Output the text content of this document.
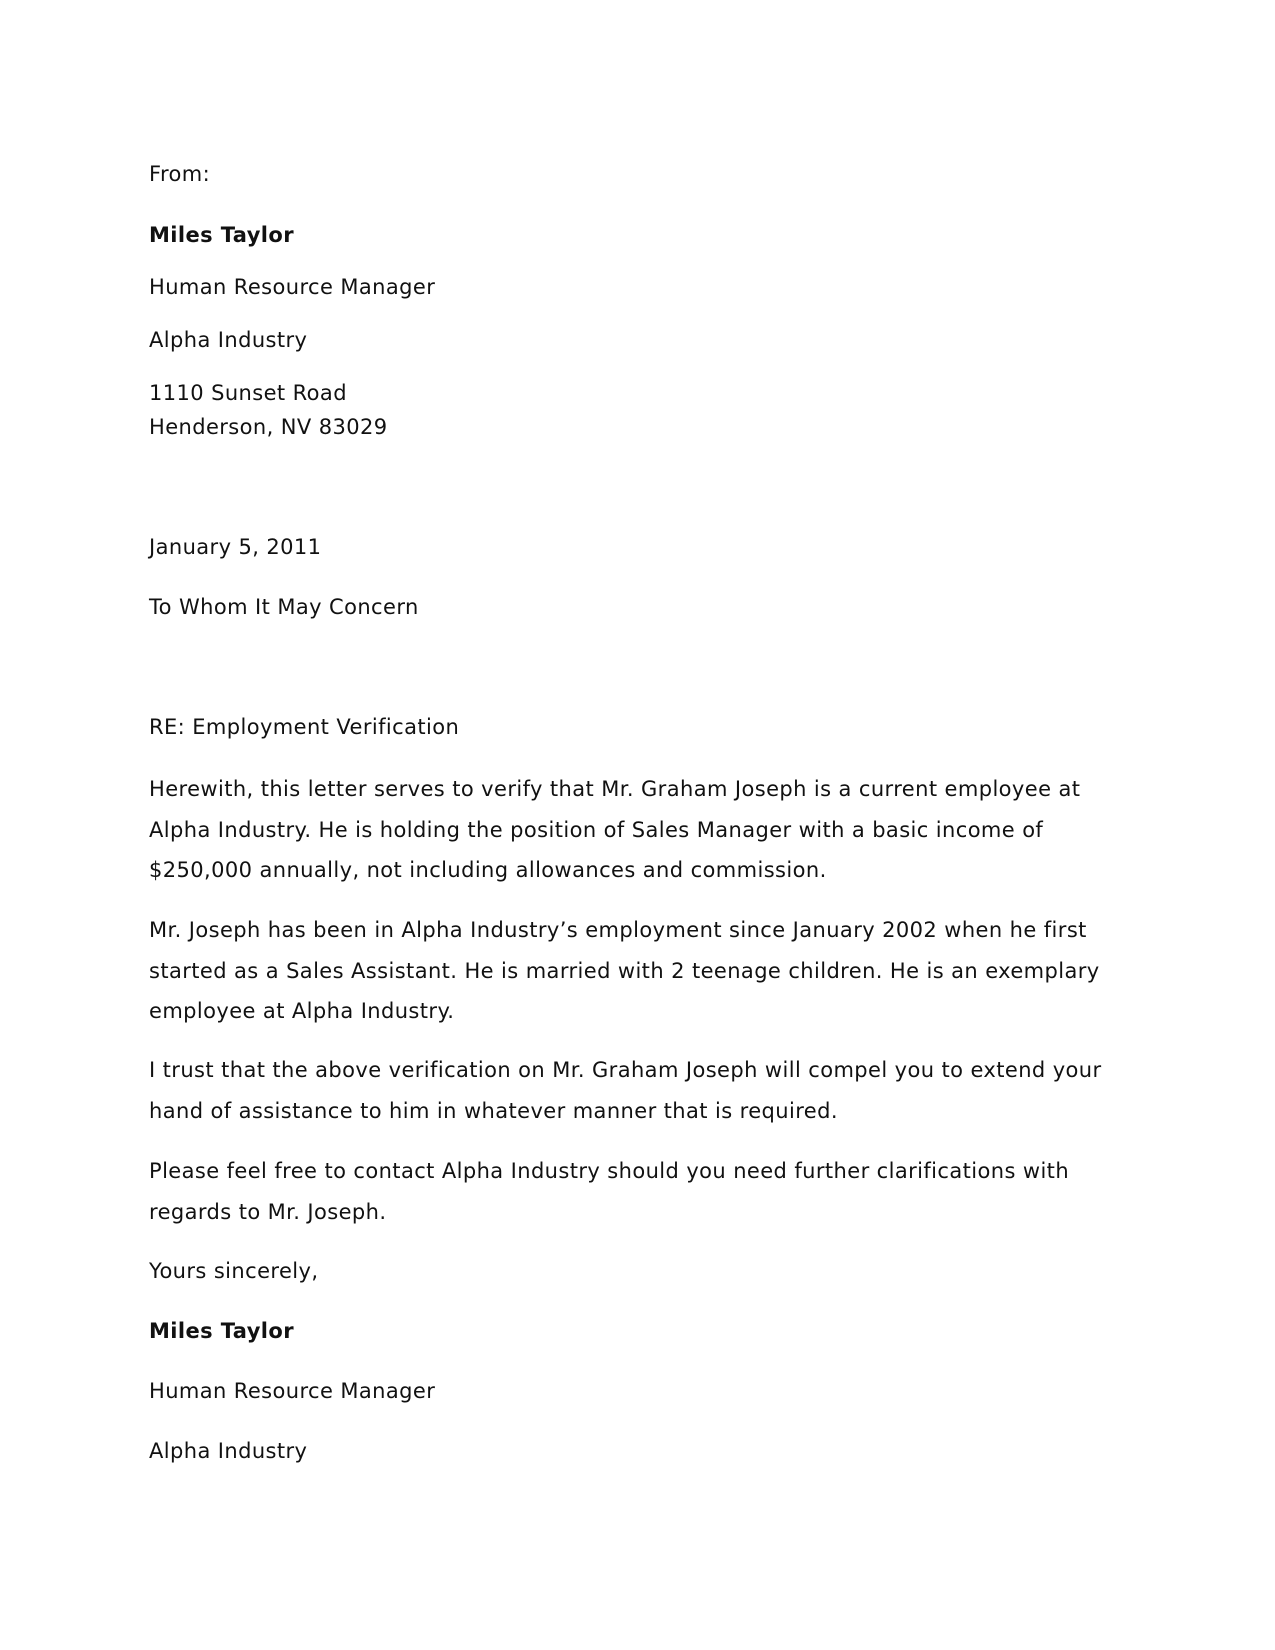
From:

Miles Taylor

Human Resource Manager

Alpha Industry

1110 Sunset Road

Henderson, NV 83029

January 5, 2011

To Whom It May Concern

RE: Employment Verification

Herewith, this letter serves to verify that Mr. Graham Joseph is a current employee at Alpha Industry. He is holding the position of Sales Manager with a basic income of $250,000 annually, not including allowances and commission.

Mr. Joseph has been in Alpha Industry’s employment since January 2002 when he first started as a Sales Assistant. He is married with 2 teenage children. He is an exemplary employee at Alpha Industry.

I trust that the above verification on Mr. Graham Joseph will compel you to extend your hand of assistance to him in whatever manner that is required.

Please feel free to contact Alpha Industry should you need further clarifications with regards to Mr. Joseph.

Yours sincerely,

Miles Taylor

Human Resource Manager

Alpha Industry
